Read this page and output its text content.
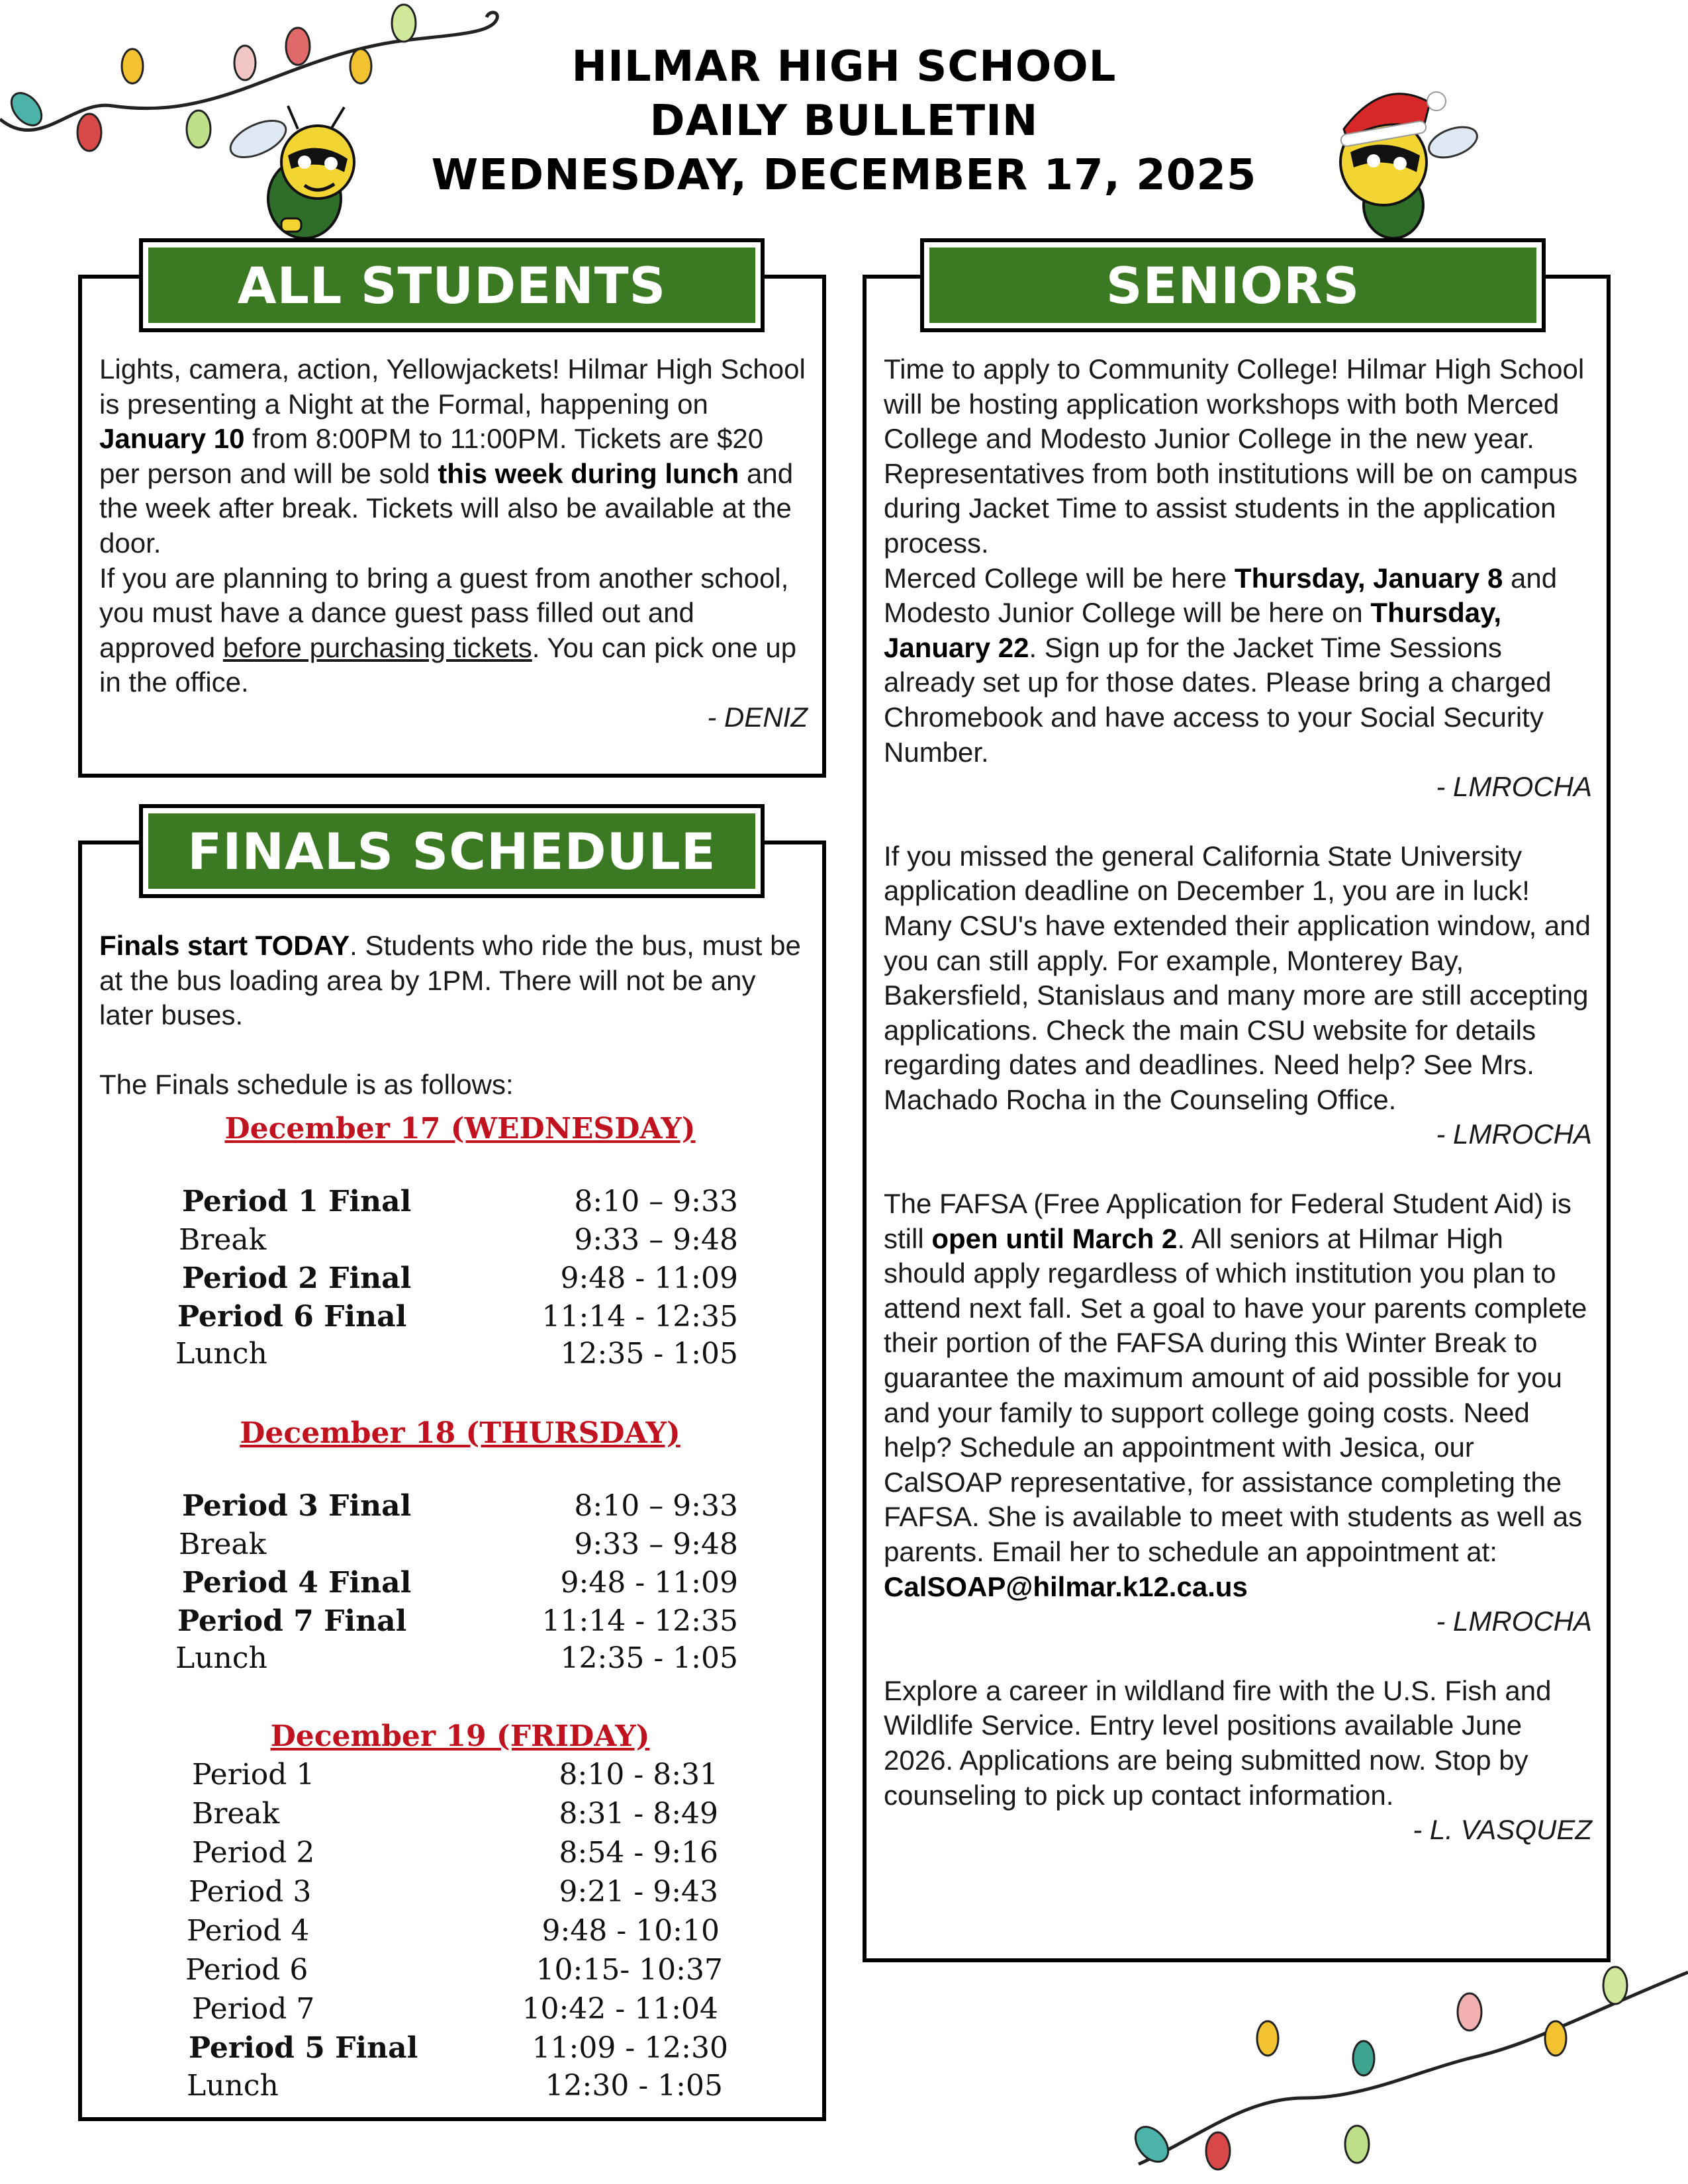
HILMAR HIGH SCHOOL
DAILY BULLETIN
WEDNESDAY, DECEMBER 17, 2025
ALL STUDENTS
Lights, camera, action, Yellowjackets! Hilmar High School is presenting a Night at the Formal, happening on January 10 from 8:00PM to 11:00PM. Tickets are $20 per person and will be sold this week during lunch and the week after break. Tickets will also be available at the door.
If you are planning to bring a guest from another school, you must have a dance guest pass filled out and approved before purchasing tickets. You can pick one up in the office.
- DENIZ
FINALS SCHEDULE
Finals start TODAY. Students who ride the bus, must be at the bus loading area by 1PM. There will not be any later buses.
The Finals schedule is as follows:
December 17 (WEDNESDAY)
Period 1 Final	8:10 – 9:33
Break	9:33 – 9:48
Period 2 Final	9:48 - 11:09
Period 6 Final	11:14 - 12:35
Lunch	12:35 - 1:05
December 18 (THURSDAY)
Period 3 Final	8:10 – 9:33
Break	9:33 – 9:48
Period 4 Final	9:48 - 11:09
Period 7 Final	11:14 - 12:35
Lunch	12:35 - 1:05
December 19 (FRIDAY)
Period 1	8:10 - 8:31
Break	8:31 - 8:49
Period 2	8:54 - 9:16
Period 3	9:21 - 9:43
Period 4	9:48 - 10:10
Period 6	10:15- 10:37
Period 7	10:42 - 11:04
Period 5 Final	11:09 - 12:30
Lunch	12:30 - 1:05
SENIORS
Time to apply to Community College! Hilmar High School will be hosting application workshops with both Merced College and Modesto Junior College in the new year. Representatives from both institutions will be on campus during Jacket Time to assist students in the application process.
Merced College will be here Thursday, January 8 and Modesto Junior College will be here on Thursday, January 22. Sign up for the Jacket Time Sessions already set up for those dates. Please bring a charged Chromebook and have access to your Social Security Number.
- LMROCHA
If you missed the general California State University application deadline on December 1, you are in luck! Many CSU's have extended their application window, and you can still apply. For example, Monterey Bay, Bakersfield, Stanislaus and many more are still accepting applications. Check the main CSU website for details regarding dates and deadlines. Need help? See Mrs. Machado Rocha in the Counseling Office.
- LMROCHA
The FAFSA (Free Application for Federal Student Aid) is still open until March 2. All seniors at Hilmar High should apply regardless of which institution you plan to attend next fall. Set a goal to have your parents complete their portion of the FAFSA during this Winter Break to guarantee the maximum amount of aid possible for you and your family to support college going costs. Need help? Schedule an appointment with Jesica, our CalSOAP representative, for assistance completing the FAFSA. She is available to meet with students as well as parents. Email her to schedule an appointment at: CalSOAP@hilmar.k12.ca.us
- LMROCHA
Explore a career in wildland fire with the U.S. Fish and Wildlife Service. Entry level positions available June 2026. Applications are being submitted now. Stop by counseling to pick up contact information.
- L. VASQUEZ
